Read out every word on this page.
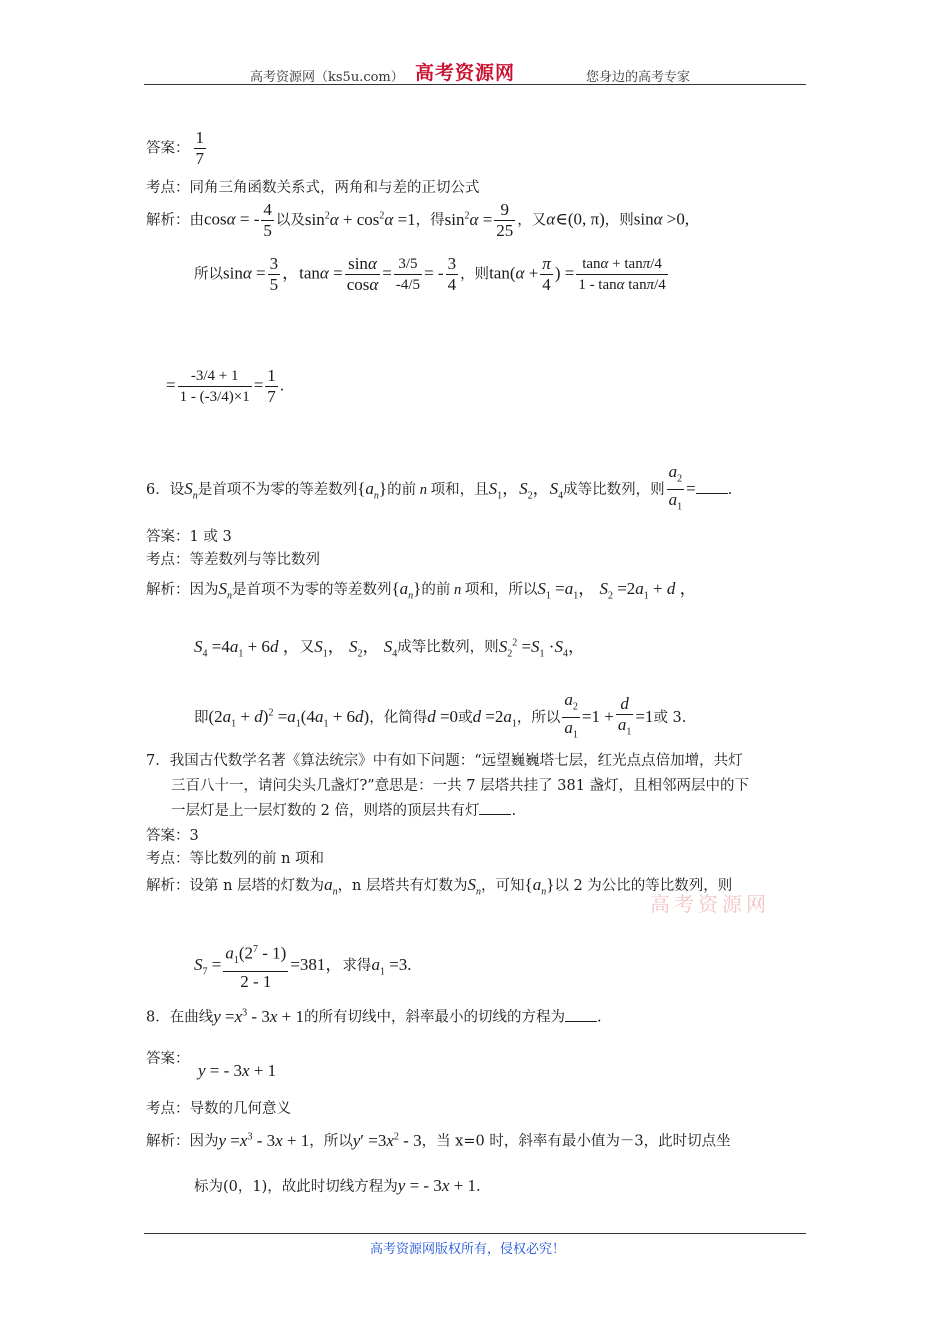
高考资源网（ks5u.com） 高考资源网	您身边的高考专家
答案： $\frac{1}{7}$
考点：同角三角函数关系式，两角和与差的正切公式
解析：由cosα = - $\frac{4}{5}$ 以及$\sin^2\alpha + \cos^2\alpha =1$，得$\sin^2\alpha = \frac{9}{25}$ ，又α∈(0, π)，则sinα >0,
所以$\sin\alpha = \frac{3}{5}$ ，$\tan\alpha = \frac{\sin\alpha}{\cos\alpha} = \frac{3/5}{-4/5}$ = - $\frac{3}{4}$ ，则$\tan(\alpha + \frac{\pi}{4}$ ) = $\frac{\tan\alpha + \tan\pi/4}{\text{1 - tanα tanπ/4}}$
= $\frac{-3/4 + 1}{1 - (-3/4)\times 1} = \frac{1}{7}$ .
6．设$S_n$是首项不为零的等差数列$\{a_n\}$的前 n 项和，且$S_1$，$S_2$，$S_4$成等比数列，则 $\frac{a_2}{a_1}$ = .
答案：1 或 3
考点：等差数列与等比数列
解析：因为$S_n$是首项不为零的等差数列$\{a_n\}$的前 n 项和，所以$S_1 =a_1$， $S_2 =2a_1 + d$ ，
$S_4 =4a_1 + 6d$ ，又$S_1$， $S_2$， $S_4$成等比数列，则$S_2^2 =S_1 \cdot S_4$，
即$(2a_1 + d)^2 =a_1(4a_1 + 6d)$，化简得d =0或$d =2a_1$，所以 $\frac{a_2}{a_1} =1 + \frac{d}{a_1} =1$或 3.
7．我国古代数学名著《算法统宗》中有如下问题：“远望巍巍塔七层，红光点点倍加增，共灯
三百八十一，请问尖头几盏灯?”意思是：一共 7 层塔共挂了 381 盏灯，且相邻两层中的下
一层灯是上一层灯数的 2 倍，则塔的顶层共有灯 .
答案：3
考点：等比数列的前 n 项和
解析：设第 n 层塔的灯数为$a_n$，n 层塔共有灯数为$S_n$，可知$\{a_n\}$以 2 为公比的等比数列，则
高考资源网
$S_7 = \frac{a_1(2^7 - 1)}{2 - 1} =381$，求得$a_1 =3$.
8．在曲线$y =x^3 - 3x + 1$的所有切线中，斜率最小的切线的方程为 .
答案：
y = - 3x + 1
考点：导数的几何意义
解析：因为$y =x^3 - 3x + 1$，所以$y' =3x^2 - 3$，当 x=0 时，斜率有最小值为－3，此时切点坐
标为(0，1)，故此时切线方程为y = - 3x + 1.
高考资源网版权所有，侵权必究！
